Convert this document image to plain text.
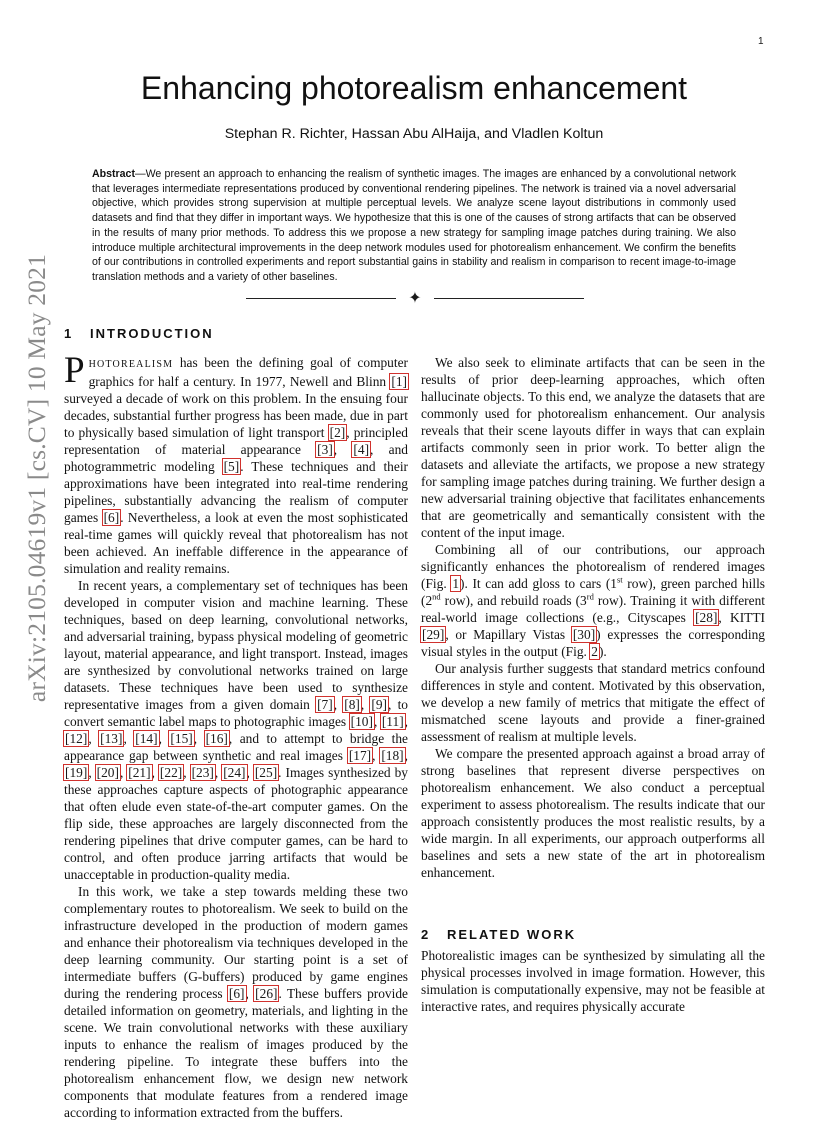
1
arXiv:2105.04619v1 [cs.CV] 10 May 2021
Enhancing photorealism enhancement
Stephan R. Richter, Hassan Abu AlHaija, and Vladlen Koltun
Abstract—We present an approach to enhancing the realism of synthetic images. The images are enhanced by a convolutional network that leverages intermediate representations produced by conventional rendering pipelines. The network is trained via a novel adversarial objective, which provides strong supervision at multiple perceptual levels. We analyze scene layout distributions in commonly used datasets and find that they differ in important ways. We hypothesize that this is one of the causes of strong artifacts that can be observed in the results of many prior methods. To address this we propose a new strategy for sampling image patches during training. We also introduce multiple architectural improvements in the deep network modules used for photorealism enhancement. We confirm the benefits of our contributions in controlled experiments and report substantial gains in stability and realism in comparison to recent image-to-image translation methods and a variety of other baselines.
✦
1 INTRODUCTION

PHOTOREALISM has been the defining goal of computer graphics for half a century. In 1977, Newell and Blinn [1] surveyed a decade of work on this problem. In the ensuing four decades, substantial further progress has been made, due in part to physically based simulation of light transport [2], principled representation of material appearance [3], [4], and photogrammetric modeling [5]. These techniques and their approximations have been integrated into real-time rendering pipelines, substantially advancing the realism of computer games [6]. Nevertheless, a look at even the most sophisticated real-time games will quickly reveal that photorealism has not been achieved. An ineffable difference in the appearance of simulation and reality remains.

In recent years, a complementary set of techniques has been developed in computer vision and machine learning. These techniques, based on deep learning, convolutional networks, and adversarial training, bypass physical modeling of geometric layout, material appearance, and light transport. Instead, images are synthesized by convolutional networks trained on large datasets. These techniques have been used to synthesize representative images from a given domain [7], [8], [9], to convert semantic label maps to photographic images [10], [11], [12], [13], [14], [15], [16], and to attempt to bridge the appearance gap between synthetic and real images [17], [18], [19], [20], [21], [22], [23], [24], [25]. Images synthesized by these approaches capture aspects of photographic appearance that often elude even state-of-the-art computer games. On the flip side, these approaches are largely disconnected from the rendering pipelines that drive computer games, can be hard to control, and often produce jarring artifacts that would be unacceptable in production-quality media.

In this work, we take a step towards melding these two complementary routes to photorealism. We seek to build on the infrastructure developed in the production of modern games and enhance their photorealism via techniques developed in the deep learning community. Our starting point is a set of intermediate buffers (G-buffers) produced by game engines during the rendering process [6], [26]. These buffers provide detailed information on geometry, materials, and lighting in the scene. We train convolutional networks with these auxiliary inputs to enhance the realism of images produced by the rendering pipeline. To integrate these buffers into the photorealism enhancement flow, we design new network components that modulate features from a rendered image according to information extracted from the buffers.

We also seek to eliminate artifacts that can be seen in the results of prior deep-learning approaches, which often hallucinate objects. To this end, we analyze the datasets that are commonly used for photorealism enhancement. Our analysis reveals that their scene layouts differ in ways that can explain artifacts commonly seen in prior work. To better align the datasets and alleviate the artifacts, we propose a new strategy for sampling image patches during training. We further design a new adversarial training objective that facilitates enhancements that are geometrically and semantically consistent with the content of the input image.

Combining all of our contributions, our approach significantly enhances the photorealism of rendered images (Fig. 1). It can add gloss to cars (1st row), green parched hills (2nd row), and rebuild roads (3rd row). Training it with different real-world image collections (e.g., Cityscapes [28], KITTI [29], or Mapillary Vistas [30]) expresses the corresponding visual styles in the output (Fig. 2).

Our analysis further suggests that standard metrics confound differences in style and content. Motivated by this observation, we develop a new family of metrics that mitigate the effect of mismatched scene layouts and provide a finer-grained assessment of realism at multiple levels.

We compare the presented approach against a broad array of strong baselines that represent diverse perspectives on photorealism enhancement. We also conduct a perceptual experiment to assess photorealism. The results indicate that our approach consistently produces the most realistic results, by a wide margin. In all experiments, our approach outperforms all baselines and sets a new state of the art in photorealism enhancement.

2 RELATED WORK

Photorealistic images can be synthesized by simulating all the physical processes involved in image formation. However, this simulation is computationally expensive, may not be feasible at interactive rates, and requires physically accurate
